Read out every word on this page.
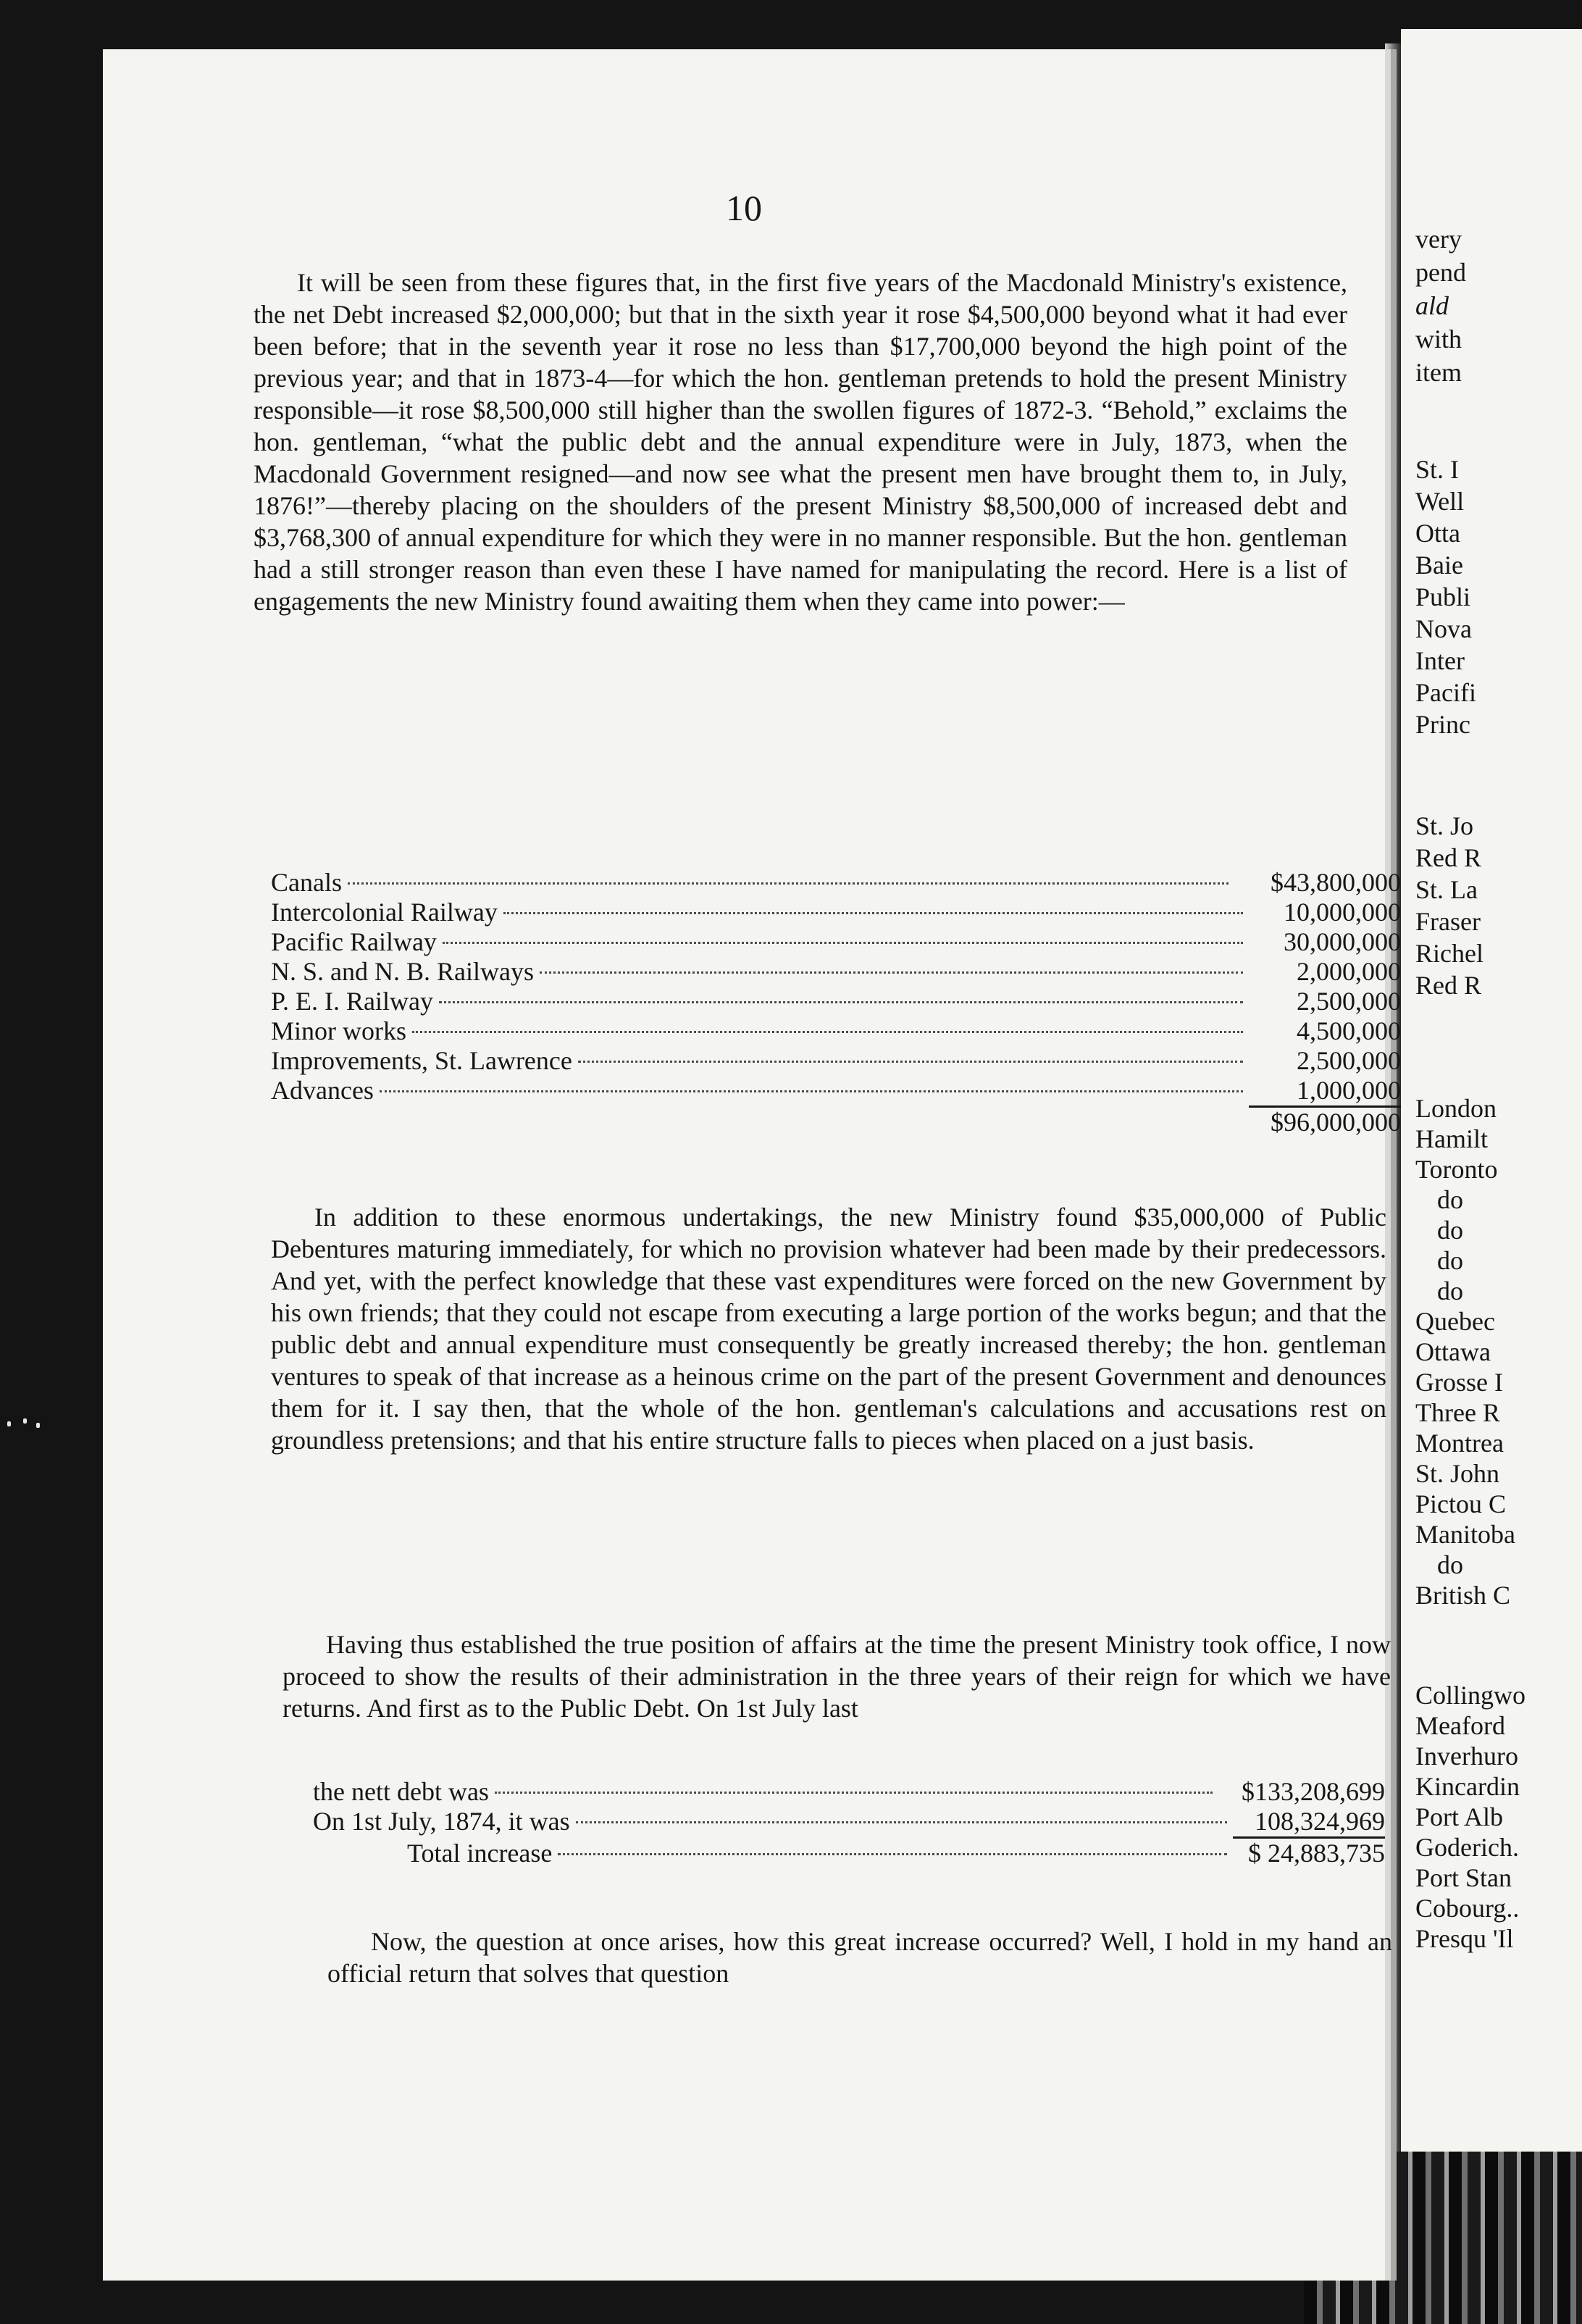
10

It will be seen from these figures that, in the first five years of the Macdonald Ministry's existence, the net Debt increased $2,000,000; but that in the sixth year it rose $4,500,000 beyond what it had ever been before; that in the seventh year it rose no less than $17,700,000 beyond the high point of the previous year; and that in 1873-4—for which the hon. gentleman pretends to hold the present Ministry responsible—it rose $8,500,000 still higher than the swollen figures of 1872-3. “Behold,” exclaims the hon. gentleman, “what the public debt and the annual expenditure were in July, 1873, when the Macdonald Government resigned—and now see what the present men have brought them to, in July, 1876!”—thereby placing on the shoulders of the present Ministry $8,500,000 of increased debt and $3,768,300 of annual expenditure for which they were in no manner responsible. But the hon. gentleman had a still stronger reason than even these I have named for manipulating the record. Here is a list of engagements the new Ministry found awaiting them when they came into power:—

Canals	$43,800,000
Intercolonial Railway	10,000,000
Pacific Railway	30,000,000
N. S. and N. B. Railways	2,000,000
P. E. I. Railway	2,500,000
Minor works	4,500,000
Improvements, St. Lawrence	2,500,000
Advances	1,000,000
$96,000,000

In addition to these enormous undertakings, the new Ministry found $35,000,000 of Public Debentures maturing immediately, for which no provision whatever had been made by their predecessors. And yet, with the perfect knowledge that these vast expenditures were forced on the new Government by his own friends; that they could not escape from executing a large portion of the works begun; and that the public debt and annual expenditure must consequently be greatly increased thereby; the hon. gentleman ventures to speak of that increase as a heinous crime on the part of the present Government and denounces them for it. I say then, that the whole of the hon. gentleman's calculations and accusations rest on groundless pretensions; and that his entire structure falls to pieces when placed on a just basis.

Having thus established the true position of affairs at the time the present Ministry took office, I now proceed to show the results of their administration in the three years of their reign for which we have returns. And first as to the Public Debt. On 1st July last

the nett debt was	$133,208,699
On 1st July, 1874, it was	108,324,969
Total increase	$ 24,883,735

Now, the question at once arises, how this great increase occurred? Well, I hold in my hand an official return that solves that question

very
pend
ald
with
item
St. I
Well
Otta
Baie
Publi
Nova
Inter
Pacifi
Princ
St. Jo
Red R
St. La
Fraser
Richel
Red R
London
Hamilt
Toronto
do
do
do
do
Quebec
Ottawa
Grosse I
Three R
Montrea
St. John
Pictou C
Manitoba
do
British C
Collingwo
Meaford
Inverhuro
Kincardin
Port Alb
Goderich.
Port Stan
Cobourg..
Presqu 'Il
